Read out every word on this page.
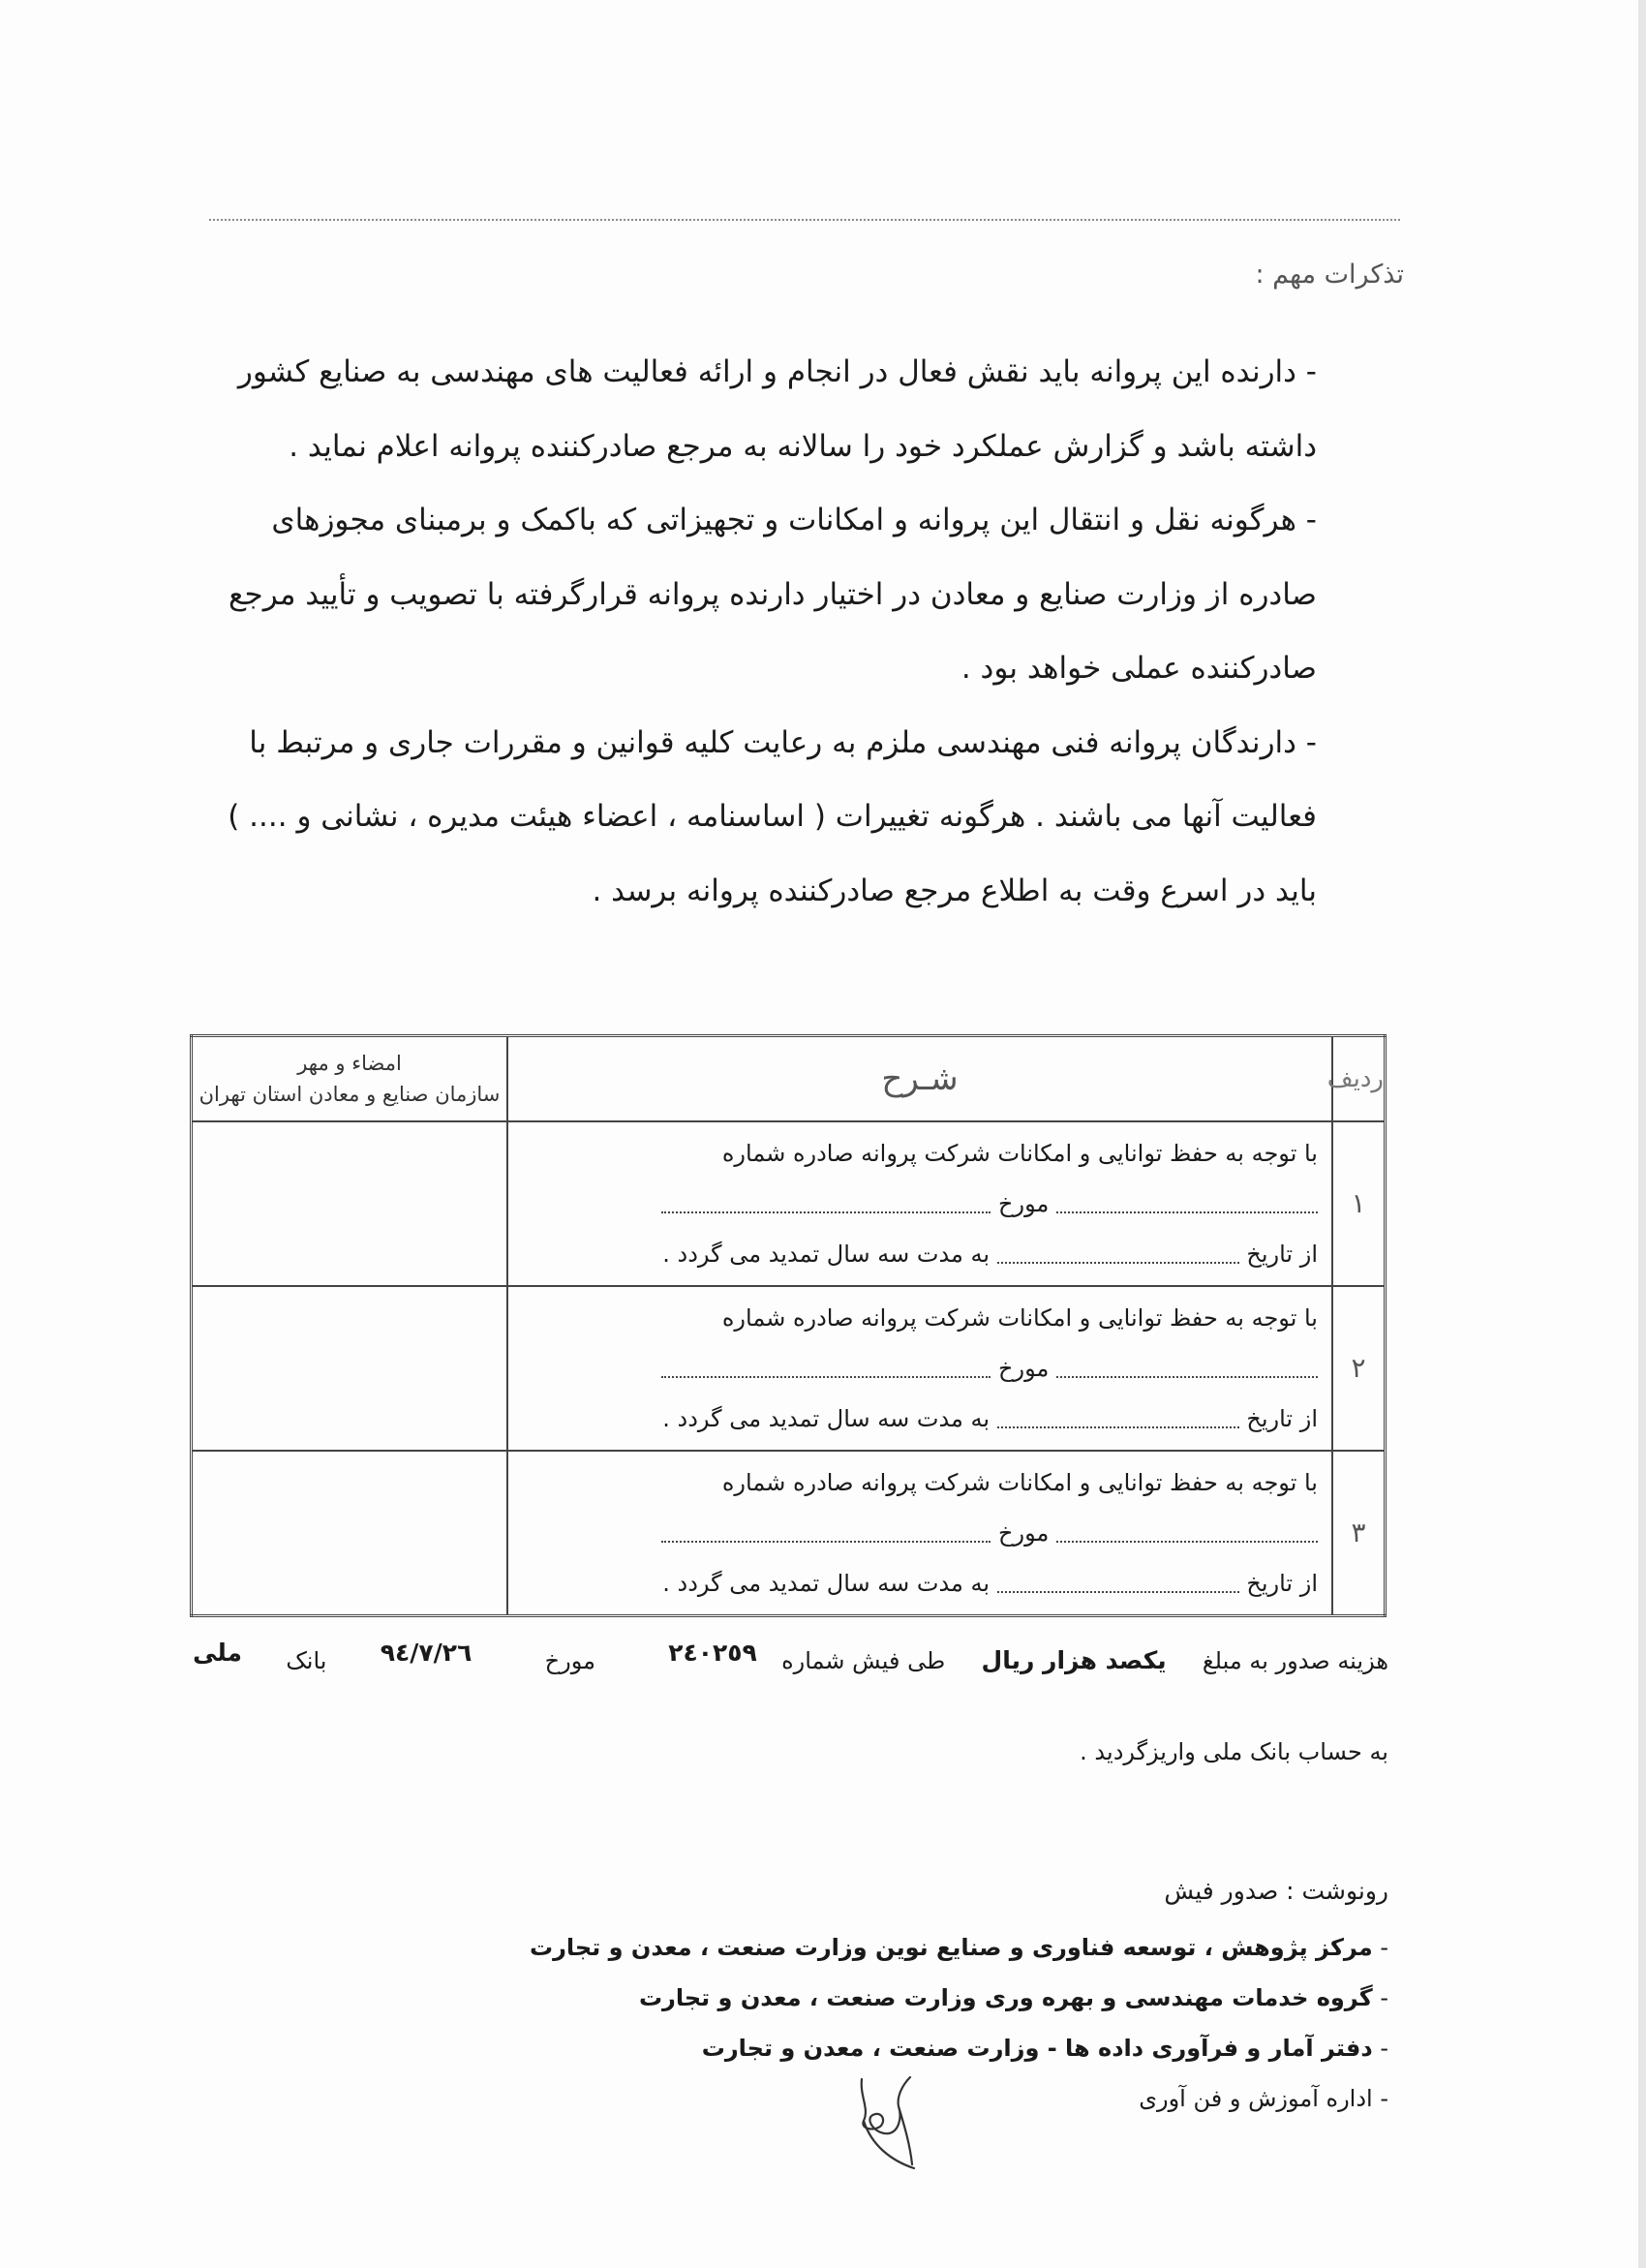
تذکرات مهم :

- دارنده این پروانه باید نقش فعال در انجام و ارائه فعالیت های مهندسی به صنایع کشور داشته باشد و گزارش عملکرد خود را سالانه به مرجع صادرکننده پروانه اعلام نماید .

- هرگونه نقل و انتقال این پروانه و امکانات و تجهیزاتی که باکمک و برمبنای مجوزهای صادره از وزارت صنایع و معادن در اختیار دارنده پروانه قرارگرفته با تصویب و تأیید مرجع صادرکننده عملی خواهد بود .

- دارندگان پروانه فنی مهندسی ملزم به رعایت کلیه قوانین و مقررات جاری و مرتبط با فعالیت آنها می باشند . هرگونه تغییرات ( اساسنامه ، اعضاء هیئت مدیره ، نشانی و .... ) باید در اسرع وقت به اطلاع مرجع صادرکننده پروانه برسد .

ردیف	شـرح	امضاء و مهر
سازمان صنایع و معادن استان تهران

١	با توجه به حفظ توانایی و امکانات شرکت پروانه صادره شماره
مورخ
از تاریخ  به مدت سه سال تمدید می گردد .	

٢	با توجه به حفظ توانایی و امکانات شرکت پروانه صادره شماره
مورخ
از تاریخ  به مدت سه سال تمدید می گردد .	

٣	با توجه به حفظ توانایی و امکانات شرکت پروانه صادره شماره
مورخ
از تاریخ  به مدت سه سال تمدید می گردد .	

هزینه صدور به مبلغ  یکصد هزار ریال  طی فیش شماره  ٢٤٠٢٥٩  مورخ  ٩٤/٧/٢٦  بانک  ملی
به حساب بانک ملی واریزگردید .
رونوشت : صدور فیش
- مرکز پژوهش ، توسعه فناوری و صنایع نوین وزارت صنعت ، معدن و تجارت
- گروه خدمات مهندسی و بهره وری وزارت صنعت ، معدن و تجارت
- دفتر آمار و فرآوری داده ها - وزارت صنعت ، معدن و تجارت
- اداره آموزش و فن آوری
